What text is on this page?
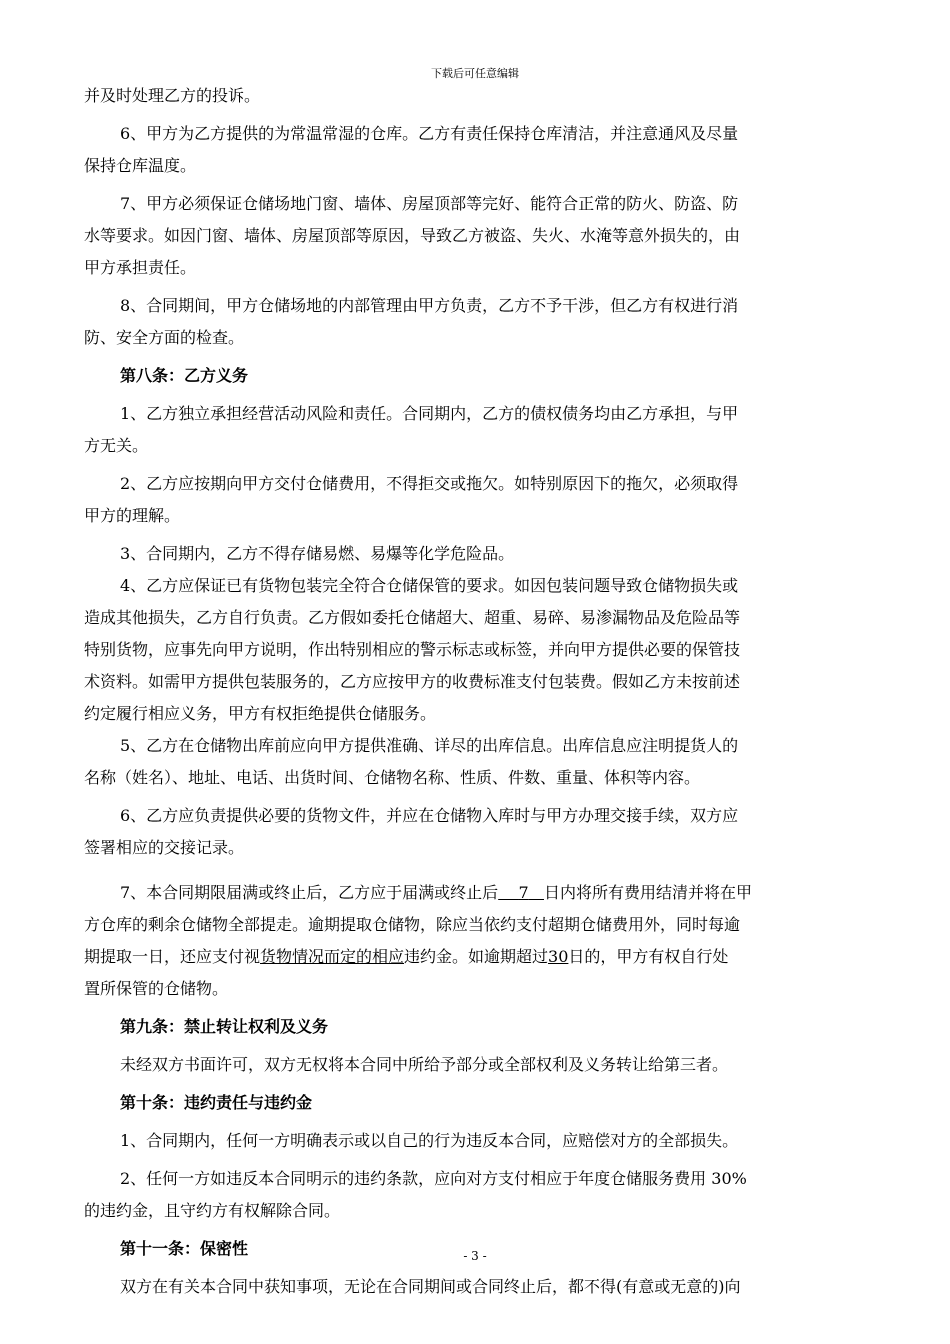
下载后可任意编辑
并及时处理乙方的投诉。
6、甲方为乙方提供的为常温常湿的仓库。乙方有责任保持仓库清洁，并注意通风及尽量
保持仓库温度。
7、甲方必须保证仓储场地门窗、墙体、房屋顶部等完好、能符合正常的防火、防盗、防
水等要求。如因门窗、墙体、房屋顶部等原因，导致乙方被盗、失火、水淹等意外损失的，由
甲方承担责任。
8、合同期间，甲方仓储场地的内部管理由甲方负责，乙方不予干涉，但乙方有权进行消
防、安全方面的检查。
第八条：乙方义务
1、乙方独立承担经营活动风险和责任。合同期内，乙方的债权债务均由乙方承担，与甲
方无关。
2、乙方应按期向甲方交付仓储费用，不得拒交或拖欠。如特别原因下的拖欠，必须取得
甲方的理解。
3、合同期内，乙方不得存储易燃、易爆等化学危险品。
4、乙方应保证已有货物包装完全符合仓储保管的要求。如因包装问题导致仓储物损失或
造成其他损失，乙方自行负责。乙方假如委托仓储超大、超重、易碎、易渗漏物品及危险品等
特别货物，应事先向甲方说明，作出特别相应的警示标志或标签，并向甲方提供必要的保管技
术资料。如需甲方提供包装服务的，乙方应按甲方的收费标准支付包装费。假如乙方未按前述
约定履行相应义务，甲方有权拒绝提供仓储服务。
5、乙方在仓储物出库前应向甲方提供准确、详尽的出库信息。出库信息应注明提货人的
名称（姓名）、地址、电话、出货时间、仓储物名称、性质、件数、重量、体积等内容。
6、乙方应负责提供必要的货物文件，并应在仓储物入库时与甲方办理交接手续，双方应
签署相应的交接记录。
7、本合同期限届满或终止后，乙方应于届满或终止后 7 日内将所有费用结清并将在甲
方仓库的剩余仓储物全部提走。逾期提取仓储物，除应当依约支付超期仓储费用外，同时每逾
期提取一日，还应支付视货物情况而定的相应违约金。如逾期超过30日的，甲方有权自行处
置所保管的仓储物。
第九条：禁止转让权利及义务
未经双方书面许可，双方无权将本合同中所给予部分或全部权利及义务转让给第三者。
第十条：违约责任与违约金
1、合同期内，任何一方明确表示或以自己的行为违反本合同，应赔偿对方的全部损失。
2、任何一方如违反本合同明示的违约条款，应向对方支付相应于年度仓储服务费用 30%
的违约金，且守约方有权解除合同。
第十一条：保密性
双方在有关本合同中获知事项，无论在合同期间或合同终止后，都不得(有意或无意的)向
- 3 -
